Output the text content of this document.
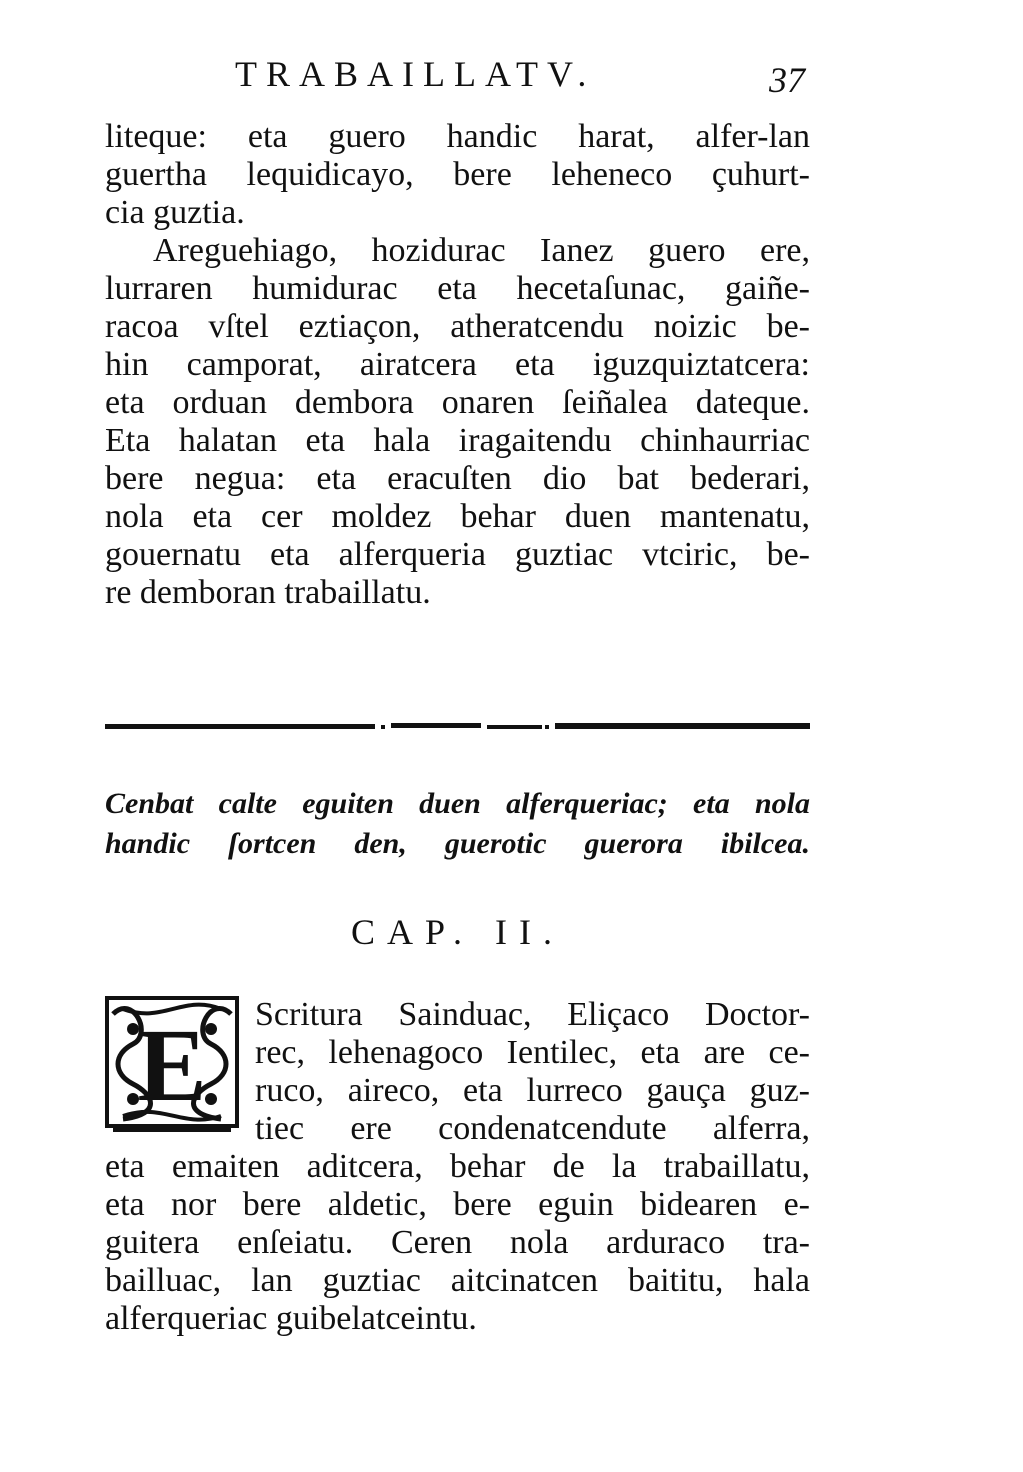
TRABAILLATV.	37
liteque: eta guero handic harat, alfer-lan
guertha lequidicayo, bere leheneco çuhurt-
cia guztia.
Areguehiago, hozidurac Ianez guero ere,
lurraren humidurac eta hecetaſunac, gaiñe-
racoa vſtel eztiaçon, atheratcendu noizic be-
hin camporat, airatcera eta iguzquiztatcera:
eta orduan dembora onaren ſeiñalea dateque.
Eta halatan eta hala iragaitendu chinhaurriac
bere negua: eta eracuſten dio bat bederari,
nola eta cer moldez behar duen mantenatu,
gouernatu eta alferqueria guztiac vtciric, be-
re demboran trabaillatu.
Cenbat calte eguiten duen alferqueriac; eta nola
handic ſortcen den, guerotic guerora ibilcea.
CAP. II.
E	Scritura Sainduac, Eliçaco Doctor-
rec, lehenagoco Ientilec, eta are ce-
ruco, aireco, eta lurreco gauça guz-
tiec ere condenatcendute alferra,
eta emaiten aditcera, behar de la trabaillatu,
eta nor bere aldetic, bere eguin bidearen e-
guitera enſeiatu. Ceren nola arduraco tra-
bailluac, lan guztiac aitcinatcen baititu, hala
alferqueriac guibelatceintu.
